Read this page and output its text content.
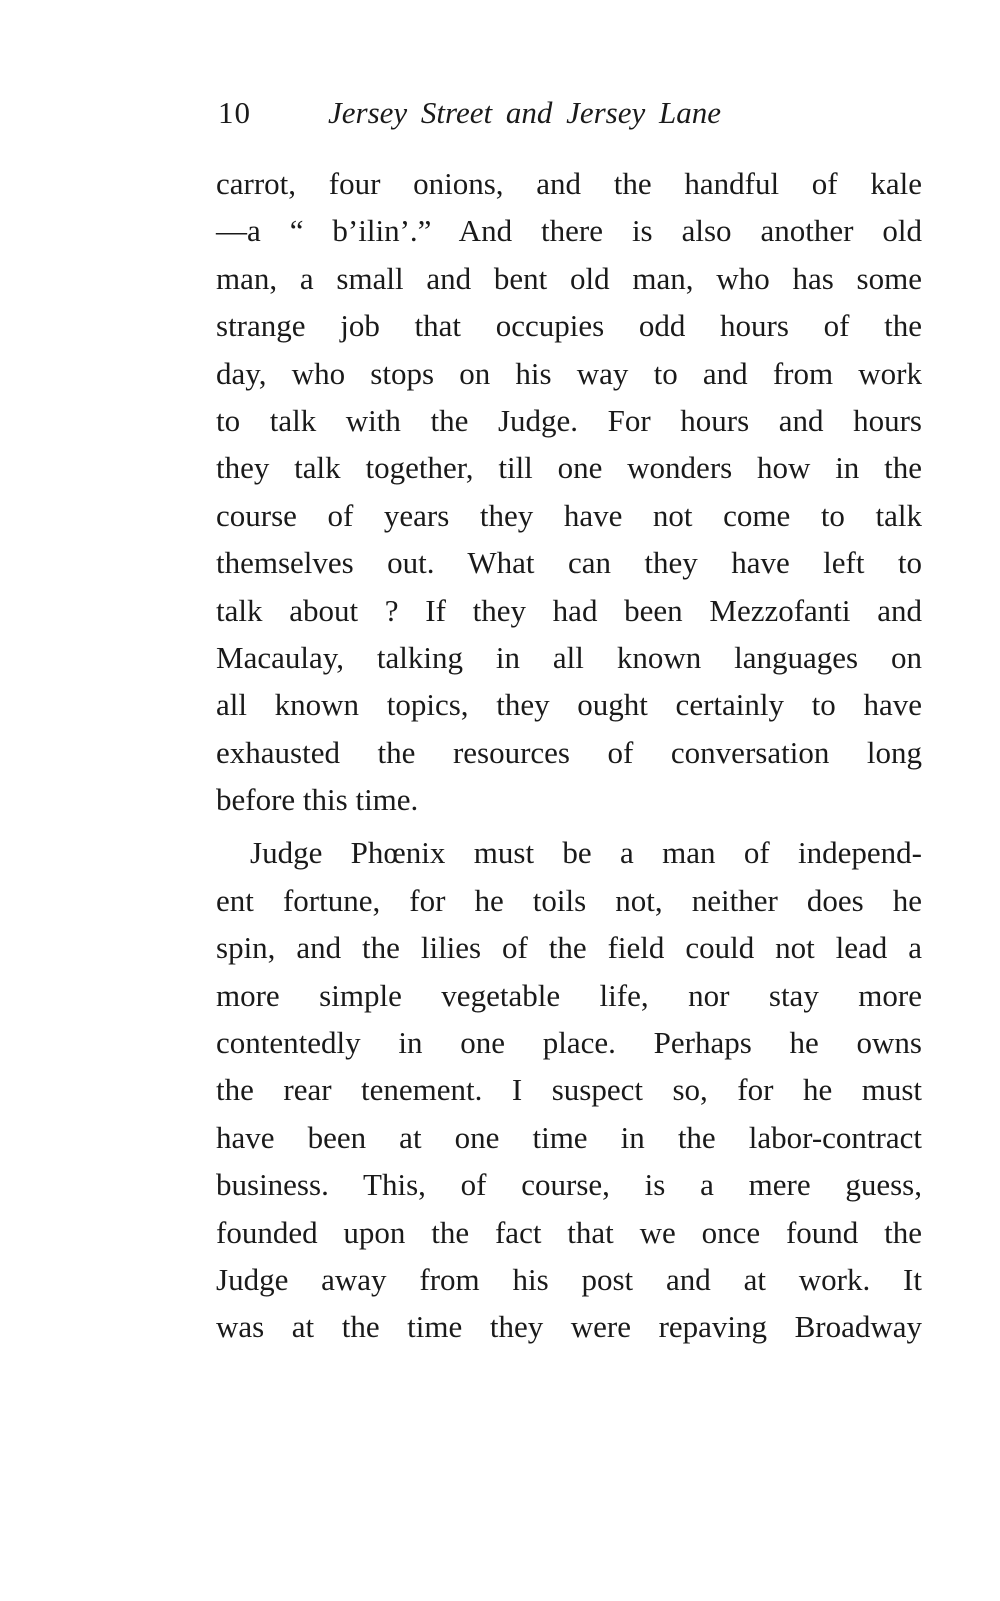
10 Jersey Street and Jersey Lane
carrot, four onions, and the handful of kale
—a “ b’ilin’.” And there is also another old
man, a small and bent old man, who has some
strange job that occupies odd hours of the
day, who stops on his way to and from work
to talk with the Judge. For hours and hours
they talk together, till one wonders how in the
course of years they have not come to talk
themselves out. What can they have left to
talk about ? If they had been Mezzofanti and
Macaulay, talking in all known languages on
all known topics, they ought certainly to have
exhausted the resources of conversation long
before this time.
Judge Phœnix must be a man of independ-
ent fortune, for he toils not, neither does he
spin, and the lilies of the field could not lead a
more simple vegetable life, nor stay more
contentedly in one place. Perhaps he owns
the rear tenement. I suspect so, for he must
have been at one time in the labor-contract
business. This, of course, is a mere guess,
founded upon the fact that we once found the
Judge away from his post and at work. It
was at the time they were repaving Broadway
